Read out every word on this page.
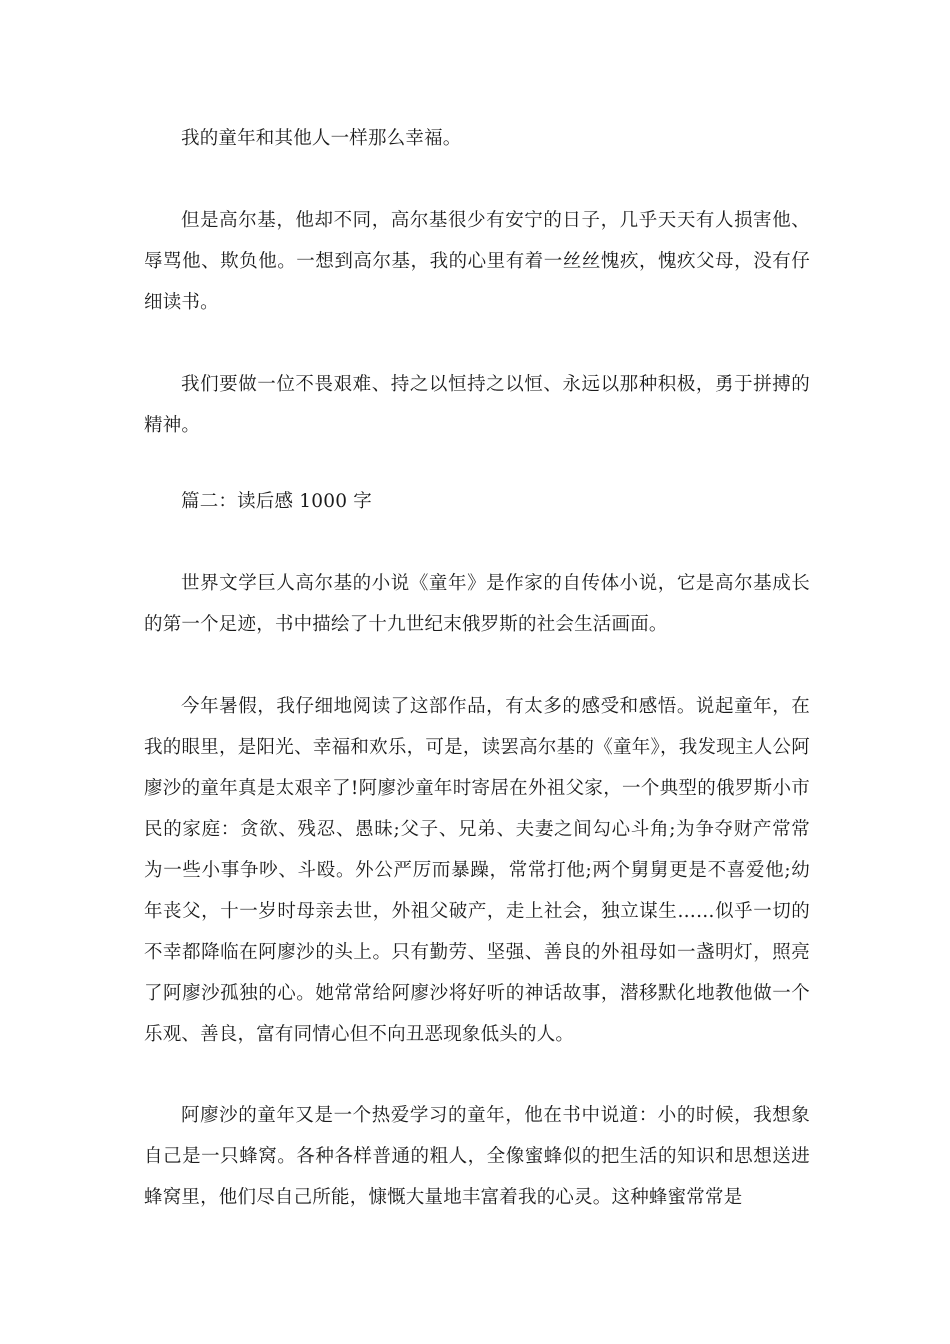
我的童年和其他人一样那么幸福。

但是高尔基，他却不同，高尔基很少有安宁的日子，几乎天天有人损害他、辱骂他、欺负他。一想到高尔基，我的心里有着一丝丝愧疚，愧疚父母，没有仔细读书。

我们要做一位不畏艰难、持之以恒持之以恒、永远以那种积极，勇于拼搏的精神。

篇二：读后感 1000 字

世界文学巨人高尔基的小说《童年》是作家的自传体小说，它是高尔基成长的第一个足迹，书中描绘了十九世纪末俄罗斯的社会生活画面。

今年暑假，我仔细地阅读了这部作品，有太多的感受和感悟。说起童年，在我的眼里，是阳光、幸福和欢乐，可是，读罢高尔基的《童年》，我发现主人公阿廖沙的童年真是太艰辛了!阿廖沙童年时寄居在外祖父家，一个典型的俄罗斯小市民的家庭：贪欲、残忍、愚昧;父子、兄弟、夫妻之间勾心斗角;为争夺财产常常为一些小事争吵、斗殴。外公严厉而暴躁，常常打他;两个舅舅更是不喜爱他;幼年丧父，十一岁时母亲去世，外祖父破产，走上社会，独立谋生……似乎一切的不幸都降临在阿廖沙的头上。只有勤劳、坚强、善良的外祖母如一盏明灯，照亮了阿廖沙孤独的心。她常常给阿廖沙将好听的神话故事，潜移默化地教他做一个乐观、善良，富有同情心但不向丑恶现象低头的人。

阿廖沙的童年又是一个热爱学习的童年，他在书中说道：小的时候，我想象自己是一只蜂窝。各种各样普通的粗人，全像蜜蜂似的把生活的知识和思想送进蜂窝里，他们尽自己所能，慷慨大量地丰富着我的心灵。这种蜂蜜常常是
